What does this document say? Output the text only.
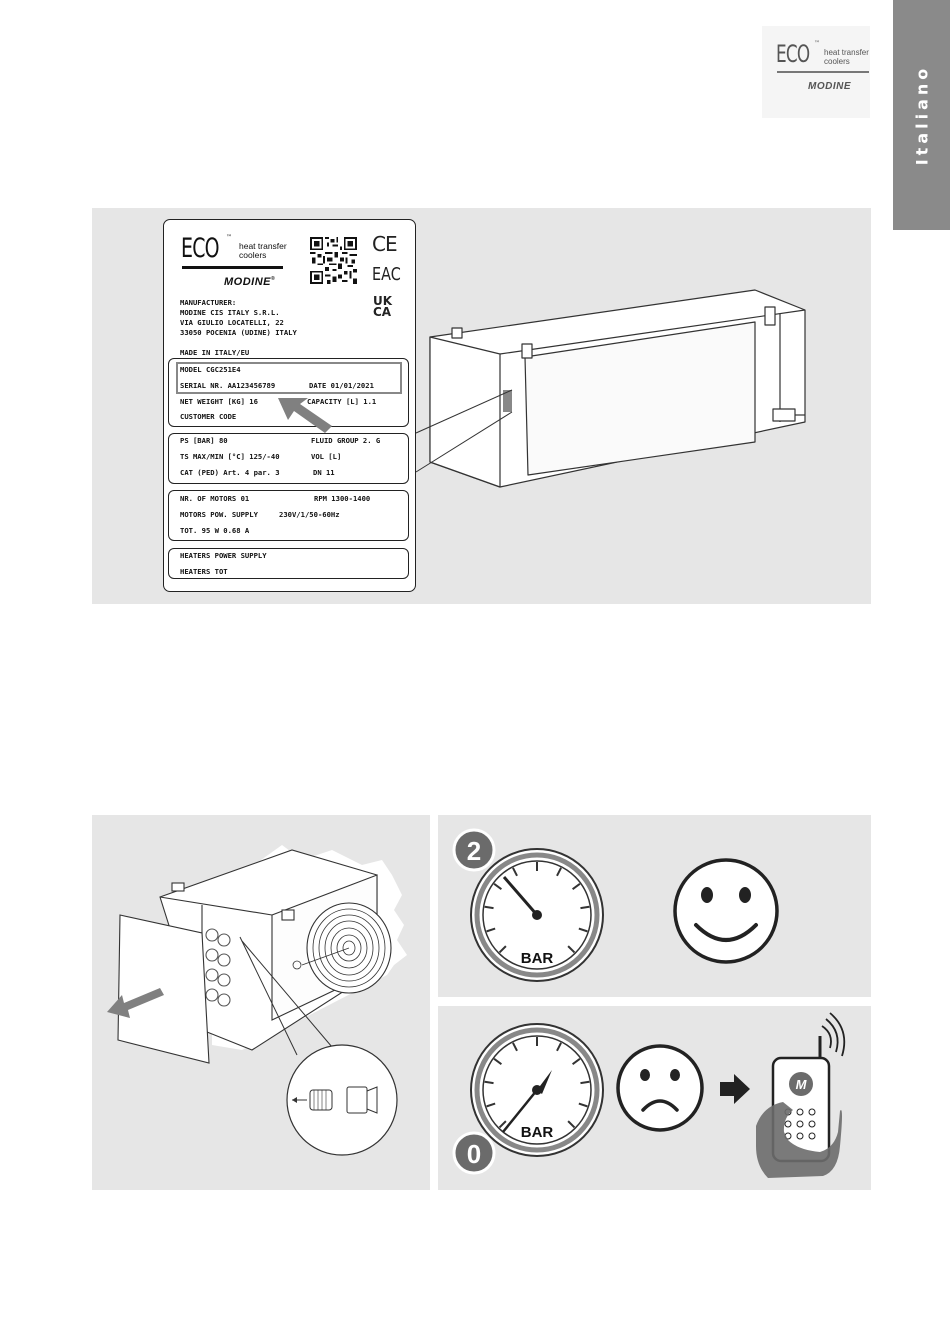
Italiano
ECO ™
heat transfer
coolers
MODINE
ECO ™
heat transfer
coolers
MODINE®
CE
EAC
UK
CA
MANUFACTURER:
MODINE CIS ITALY S.R.L.
VIA GIULIO LOCATELLI, 22
33050 POCENIA (UDINE) ITALY
MADE IN ITALY/EU
MODEL CGC251E4
SERIAL NR. AA123456789	DATE 01/01/2021
NET WEIGHT [KG] 16	CAPACITY [L] 1.1
CUSTOMER CODE
PS [BAR] 80	FLUID GROUP 2. G
TS MAX/MIN [°C] 125/-40	VOL [L]
CAT (PED) Art. 4 par. 3	DN 11
NR. OF MOTORS 01	RPM 1300-1400
MOTORS POW. SUPPLY	230V/1/50-60Hz
TOT. 95 W 0.68 A
HEATERS POWER SUPPLY
HEATERS TOT
BAR
2
BAR
0
M
